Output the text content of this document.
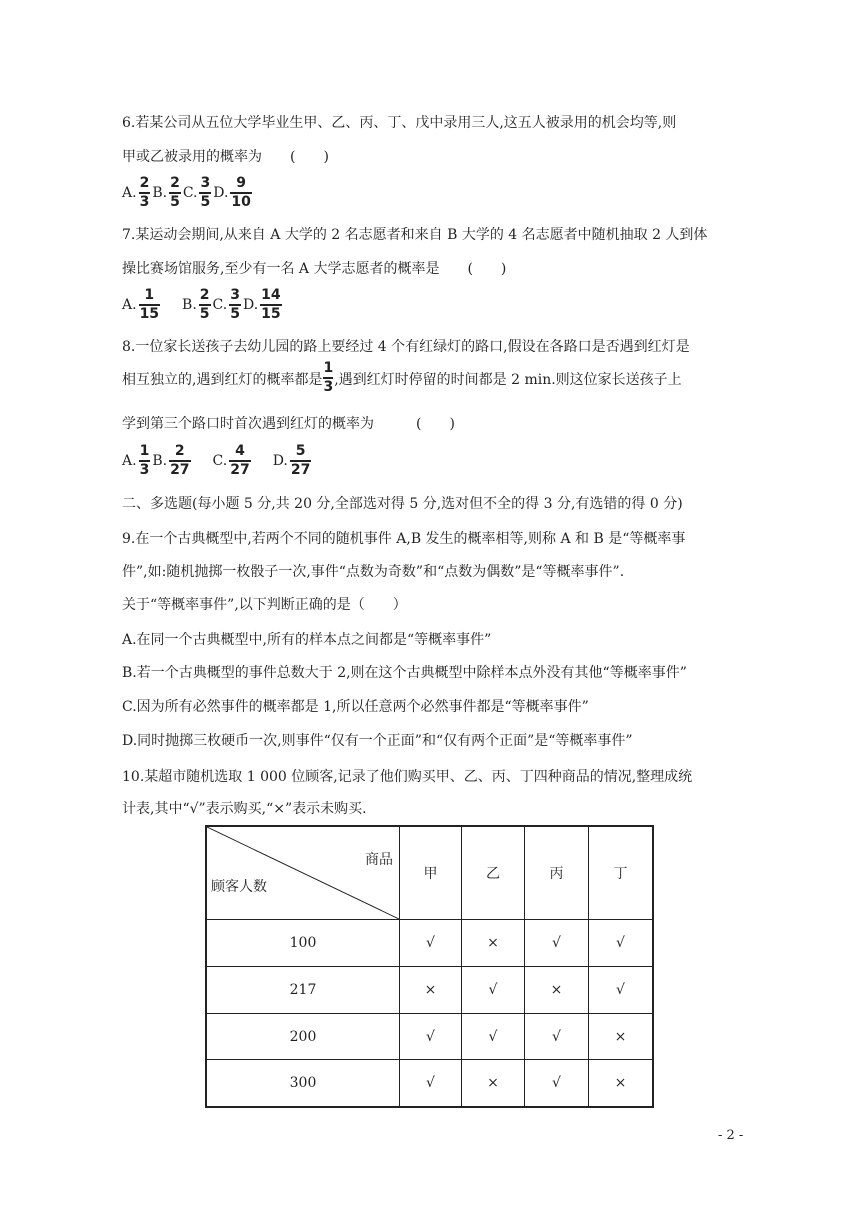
6.若某公司从五位大学毕业生甲、乙、丙、丁、戊中录用三人,这五人被录用的机会均等,则
甲或乙被录用的概率为　　(　　)
A. $\frac{2}{3} B$. $\frac{2}{5} C$. $\frac{3}{5} D$. $\frac{9}{10}$
7.某运动会期间,从来自 A 大学的 2 名志愿者和来自 B 大学的 4 名志愿者中随机抽取 2 人到体
操比赛场馆服务,至少有一名 A 大学志愿者的概率是　　(　　)
A. $\frac{1}{15} B$. $\frac{2}{5} C$. $\frac{3}{5} D$. $\frac{14}{15}$
8.一位家长送孩子去幼儿园的路上要经过 4 个有红绿灯的路口,假设在各路口是否遇到红灯是
相互独立的,遇到红灯的概率都是 $\frac{1}{3}$ ,遇到红灯时停留的时间都是 2 min.则这位家长送孩子上
学到第三个路口时首次遇到红灯的概率为　　　(　　)
A. $\frac{1}{3} B$. $\frac{2}{27} C$. $\frac{4}{27} D$. $\frac{5}{27}$
二、多选题(每小题 5 分,共 20 分,全部选对得 5 分,选对但不全的得 3 分,有选错的得 0 分)
9.在一个古典概型中,若两个不同的随机事件 A,B 发生的概率相等,则称 A 和 B 是“等概率事
件”,如:随机抛掷一枚骰子一次,事件“点数为奇数”和“点数为偶数”是“等概率事件”.
关于“等概率事件”,以下判断正确的是（　　）
A.在同一个古典概型中,所有的样本点之间都是“等概率事件”
B.若一个古典概型的事件总数大于 2,则在这个古典概型中除样本点外没有其他“等概率事件”
C.因为所有必然事件的概率都是 1,所以任意两个必然事件都是“等概率事件”
D.同时抛掷三枚硬币一次,则事件“仅有一个正面”和“仅有两个正面”是“等概率事件”
10.某超市随机选取 1 000 位顾客,记录了他们购买甲、乙、丙、丁四种商品的情况,整理成统
计表,其中“√”表示购买,“×”表示未购买.
商品
顾客人数	甲	乙	丙	丁
100	√	×	√	√
217	×	√	×	√
200	√	√	√	×
300	√	×	√	×
- 2 -
